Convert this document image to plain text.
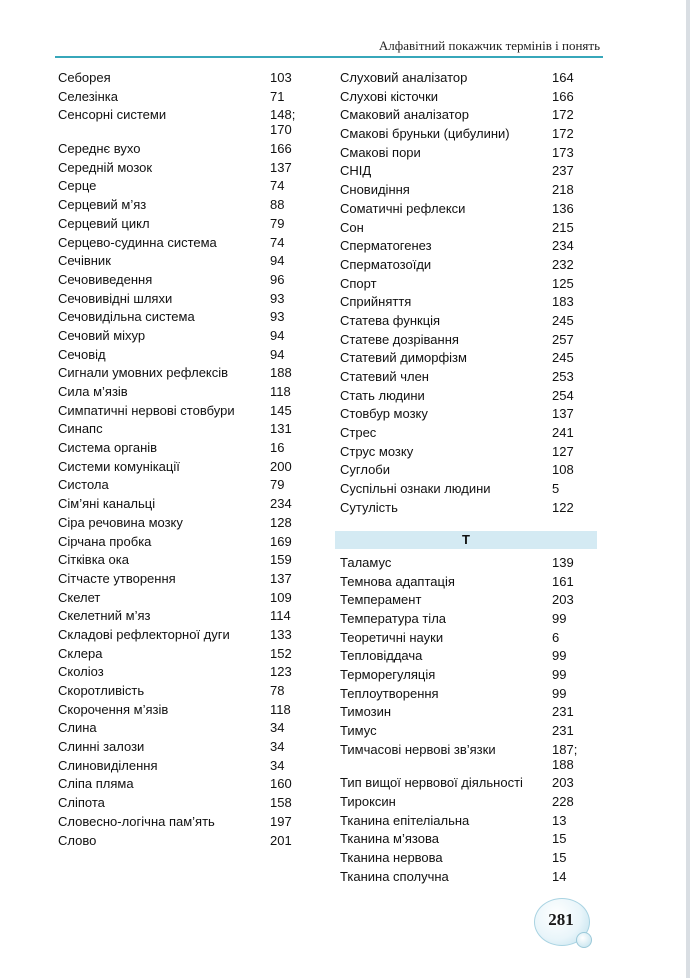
Алфавітний покажчик термінів і понять
Себорея	103
Селезінка	71
Сенсорні системи	148;
170
Середнє вухо	166
Середній мозок	137
Серце	74
Серцевий м’яз	88
Серцевий цикл	79
Серцево-судинна система	74
Сечівник	94
Сечовиведення	96
Сечовивідні шляхи	93
Сечовидільна система	93
Сечовий міхур	94
Сечовід	94
Сигнали умовних рефлексів	188
Сила м’язів	118
Симпатичні нервові стовбури	145
Синапс	131
Система органів	16
Системи комунікації	200
Систола	79
Сім’яні канальці	234
Сіра речовина мозку	128
Сірчана пробка	169
Сітківка ока	159
Сітчасте утворення	137
Скелет	109
Скелетний м’яз	114
Складові рефлекторної дуги	133
Склера	152
Сколіоз	123
Скоротливість	78
Скорочення м’язів	118
Слина	34
Слинні залози	34
Слиновиділення	34
Сліпа пляма	160
Сліпота	158
Словесно-логічна пам’ять	197
Слово	201
Слуховий аналізатор	164
Слухові кісточки	166
Смаковий аналізатор	172
Смакові бруньки (цибулини)	172
Смакові пори	173
СНІД	237
Сновидіння	218
Соматичні рефлекси	136
Сон	215
Сперматогенез	234
Сперматозоїди	232
Спорт	125
Сприйняття	183
Статева функція	245
Статеве дозрівання	257
Статевий диморфізм	245
Статевий член	253
Стать людини	254
Стовбур мозку	137
Стрес	241
Струс мозку	127
Суглоби	108
Суспільні ознаки людини	5
Сутулість	122
Т
Таламус	139
Темнова адаптація	161
Темперамент	203
Температура тіла	99
Теоретичні науки	6
Тепловіддача	99
Терморегуляція	99
Теплоутворення	99
Тимозин	231
Тимус	231
Тимчасові нервові зв’язки	187;
188
Тип вищої нервової діяльності	203
Тироксин	228
Тканина епітеліальна	13
Тканина м’язова	15
Тканина нервова	15
Тканина сполучна	14
281
